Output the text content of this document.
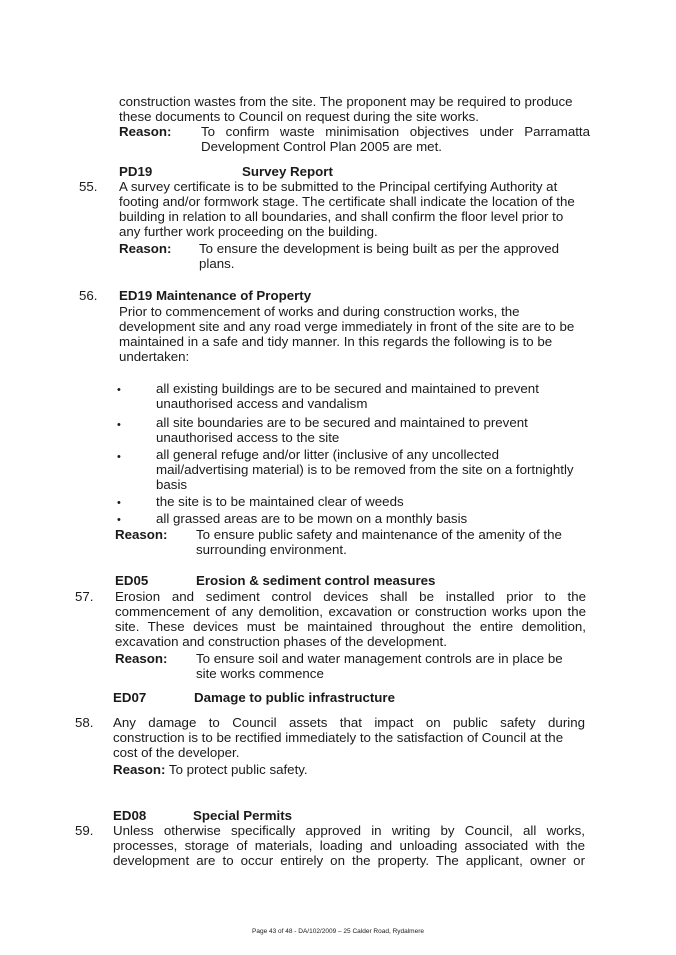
construction wastes from the site. The proponent may be required to produce
these documents to Council on request during the site works.
Reason: To confirm waste minimisation objectives under Parramatta
Development Control Plan 2005 are met.
PD19	Survey Report
55. A survey certificate is to be submitted to the Principal certifying Authority at
footing and/or formwork stage. The certificate shall indicate the location of the
building in relation to all boundaries, and shall confirm the floor level prior to
any further work proceeding on the building.
Reason: To ensure the development is being built as per the approved
plans.
56. ED19 Maintenance of Property
Prior to commencement of works and during construction works, the
development site and any road verge immediately in front of the site are to be
maintained in a safe and tidy manner. In this regards the following is to be
undertaken:
•	all existing buildings are to be secured and maintained to prevent
unauthorised access and vandalism
•	all site boundaries are to be secured and maintained to prevent
unauthorised access to the site
•	all general refuge and/or litter (inclusive of any uncollected
mail/advertising material) is to be removed from the site on a fortnightly
basis
•	the site is to be maintained clear of weeds
•	all grassed areas are to be mown on a monthly basis
Reason: To ensure public safety and maintenance of the amenity of the
surrounding environment.
ED05	Erosion & sediment control measures
57. Erosion and sediment control devices shall be installed prior to the
commencement of any demolition, excavation or construction works upon the
site. These devices must be maintained throughout the entire demolition,
excavation and construction phases of the development.
Reason: To ensure soil and water management controls are in place be
site works commence
ED07	Damage to public infrastructure
58. Any damage to Council assets that impact on public safety during
construction is to be rectified immediately to the satisfaction of Council at the
cost of the developer.
Reason: To protect public safety.
ED08	Special Permits
59. Unless otherwise specifically approved in writing by Council, all works,
processes, storage of materials, loading and unloading associated with the
development are to occur entirely on the property. The applicant, owner or
Page 43 of 48 - DA/102/2009 – 25 Calder Road, Rydalmere
